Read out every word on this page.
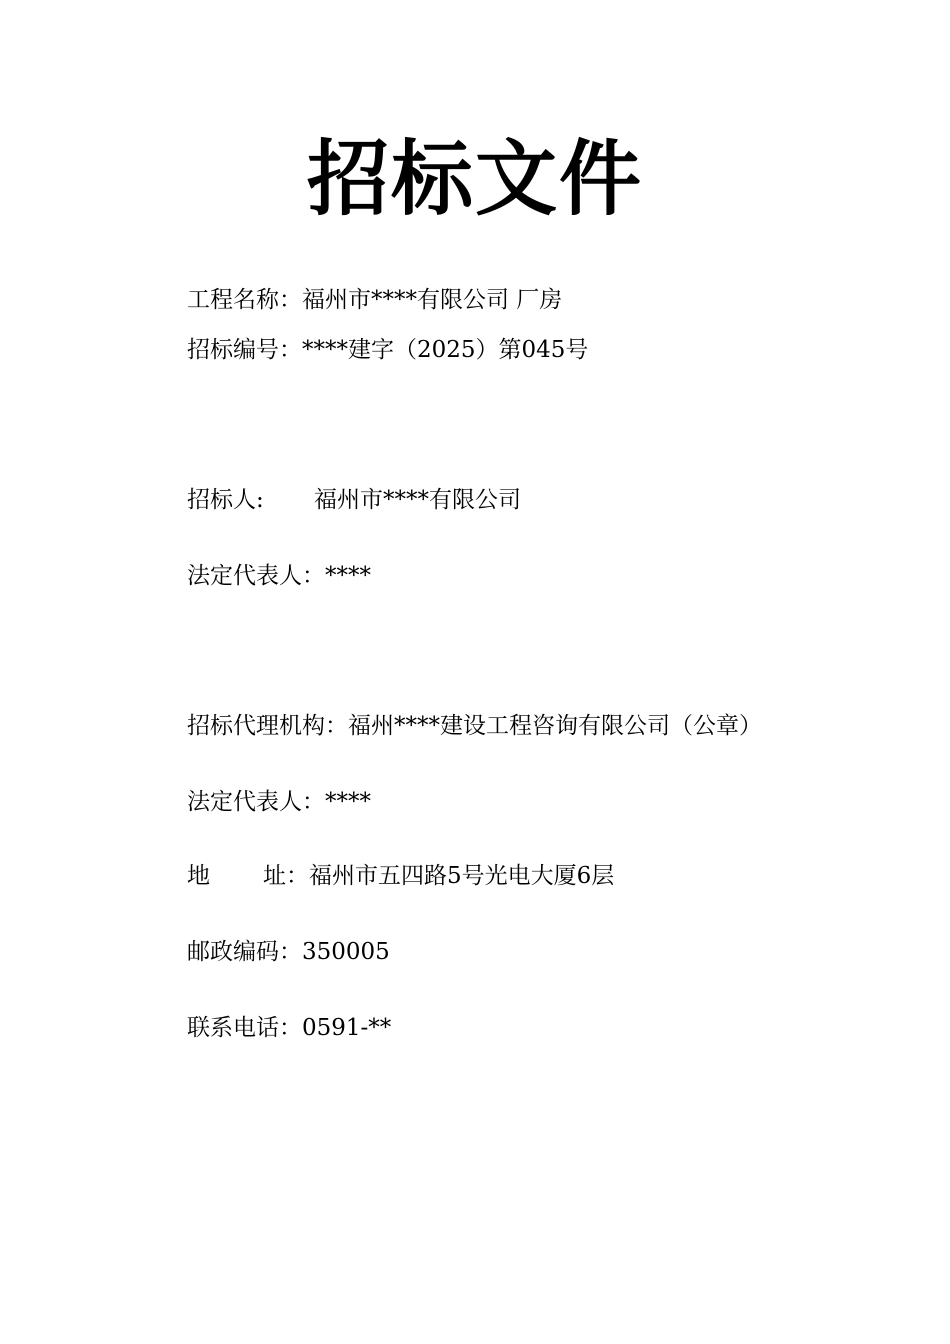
招标文件
工程名称：福州市****有限公司 厂房
招标编号：****建字（2025）第045号
招标人: 福州市****有限公司
法定代表人：****
招标代理机构：福州****建设工程咨询有限公司（公章）
法定代表人：****
地 址：福州市五四路5号光电大厦6层
邮政编码：350005
联系电话：0591-**
